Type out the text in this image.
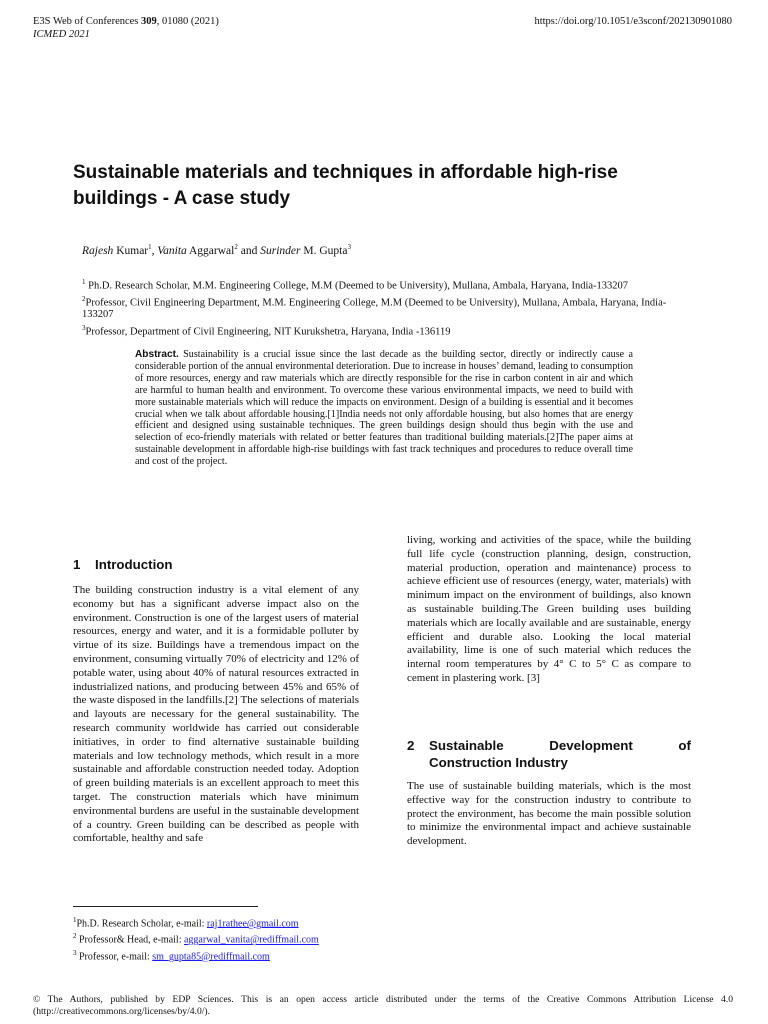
E3S Web of Conferences 309, 01080 (2021)
ICMED 2021
https://doi.org/10.1051/e3sconf/202130901080
Sustainable materials and techniques in affordable high-rise buildings - A case study
Rajesh Kumar$^1$, Vanita Aggarwal$^2$ and Surinder M. Gupta$^3$
$^1$ Ph.D. Research Scholar, M.M. Engineering College, M.M (Deemed to be University), Mullana, Ambala, Haryana, India-133207
$^2$Professor, Civil Engineering Department, M.M. Engineering College, M.M (Deemed to be University), Mullana, Ambala, Haryana, India-133207
$^3$Professor, Department of Civil Engineering, NIT Kurukshetra, Haryana, India -136119
Abstract. Sustainability is a crucial issue since the last decade as the building sector, directly or indirectly cause a considerable portion of the annual environmental deterioration. Due to increase in houses’ demand, leading to consumption of more resources, energy and raw materials which are directly responsible for the rise in carbon content in air and which are harmful to human health and environment. To overcome these various environmental impacts, we need to build with more sustainable materials which will reduce the impacts on environment. Design of a building is essential and it becomes crucial when we talk about affordable housing.[1]India needs not only affordable housing, but also homes that are energy efficient and designed using sustainable techniques. The green buildings design should thus begin with the use and selection of eco-friendly materials with related or better features than traditional building materials.[2]The paper aims at sustainable development in affordable high-rise buildings with fast track techniques and procedures to reduce overall time and cost of the project.
1 Introduction
The building construction industry is a vital element of any economy but has a significant adverse impact also on the environment. Construction is one of the largest users of material resources, energy and water, and it is a formidable polluter by virtue of its size. Buildings have a tremendous impact on the environment, consuming virtually 70% of electricity and 12% of potable water, using about 40% of natural resources extracted in industrialized nations, and producing between 45% and 65% of the waste disposed in the landfills.[2] The selections of materials and layouts are necessary for the general sustainability. The research community worldwide has carried out considerable initiatives, in order to find alternative sustainable building materials and low technology methods, which result in a more sustainable and affordable construction needed today. Adoption of green building materials is an excellent approach to meet this target. The construction materials which have minimum environmental burdens are useful in the sustainable development of a country. Green building can be described as people with comfortable, healthy and safe
living, working and activities of the space, while the building full life cycle (construction planning, design, construction, material production, operation and maintenance) process to achieve efficient use of resources (energy, water, materials) with minimum impact on the environment of buildings, also known as sustainable building.The Green building uses building materials which are locally available and are sustainable, energy efficient and durable also. Looking the local material availability, lime is one of such material which reduces the internal room temperatures by 4° C to 5° C as compare to cement in plastering work. [3]
2 Sustainable	Development	of
Construction Industry
The use of sustainable building materials, which is the most effective way for the construction industry to contribute to protect the environment, has become the main possible solution to minimize the environmental impact and achieve sustainable development.
$^1$Ph.D. Research Scholar, e-mail: raj1rathee@gmail.com
$^2$ Professor& Head, e-mail: aggarwal_vanita@rediffmail.com
$^3$ Professor, e-mail: sm_gupta85@rediffmail.com
© The Authors, published by EDP Sciences. This is an open access article distributed under the terms of the Creative Commons Attribution License 4.0 (http://creativecommons.org/licenses/by/4.0/).
